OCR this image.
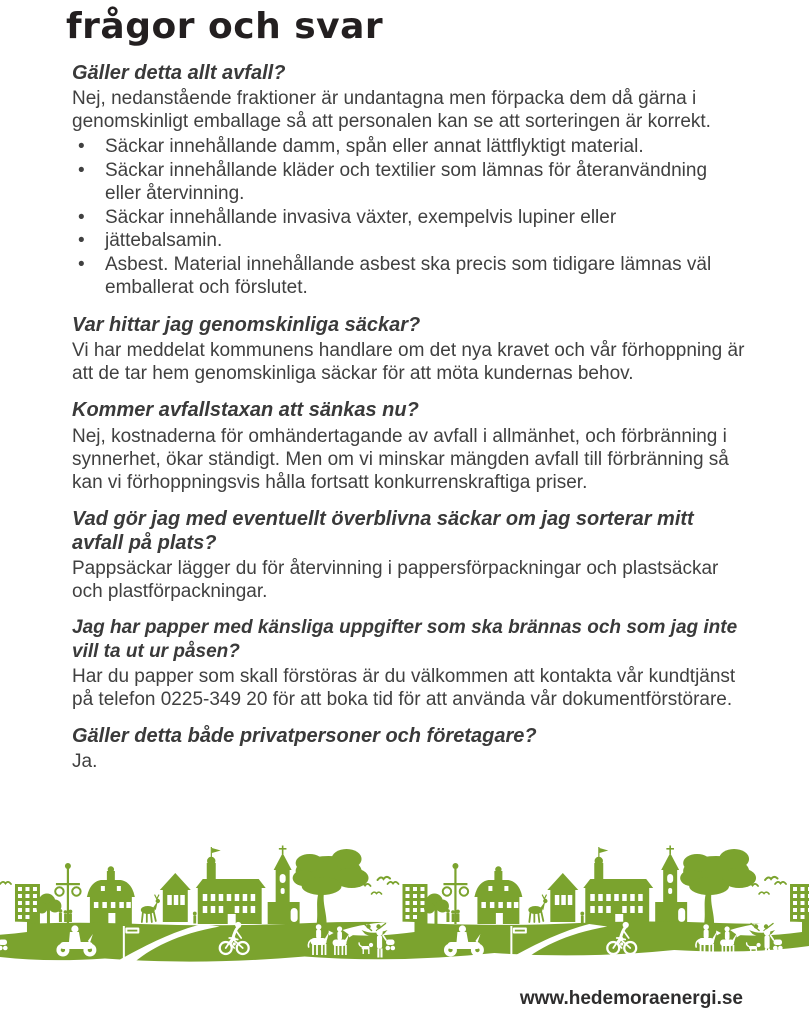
frågor och svar
Gäller detta allt avfall?

Nej, nedanstående fraktioner är undantagna men förpacka dem då gärna i genomskinligt emballage så att personalen kan se att sorteringen är korrekt.

• Säckar innehållande damm, spån eller annat lättflyktigt material.
• Säckar innehållande kläder och textilier som lämnas för återanvändning eller återvinning.
• Säckar innehållande invasiva växter, exempelvis lupiner eller
• jättebalsamin.
• Asbest. Material innehållande asbest ska precis som tidigare lämnas väl emballerat och förslutet.
Var hittar jag genomskinliga säckar?

Vi har meddelat kommunens handlare om det nya kravet och vår förhoppning är att de tar hem genomskinliga säckar för att möta kundernas behov.

Kommer avfallstaxan att sänkas nu?

Nej, kostnaderna för omhändertagande av avfall i allmänhet, och förbränning i synnerhet, ökar ständigt. Men om vi minskar mängden avfall till förbränning så kan vi förhoppningsvis hålla fortsatt konkurrenskraftiga priser.

Vad gör jag med eventuellt överblivna säckar om jag sorterar mitt avfall på plats?

Pappsäckar lägger du för återvinning i pappersförpackningar och plastsäckar och plastförpackningar.

Jag har papper med känsliga uppgifter som ska brännas och som jag inte vill ta ut ur påsen?

Har du papper som skall förstöras är du välkommen att kontakta vår kundtjänst på telefon 0225-349 20 för att boka tid för att använda vår dokumentförstörare.

Gäller detta både privatpersoner och företagare?

Ja.

www.hedemoraenergi.se
